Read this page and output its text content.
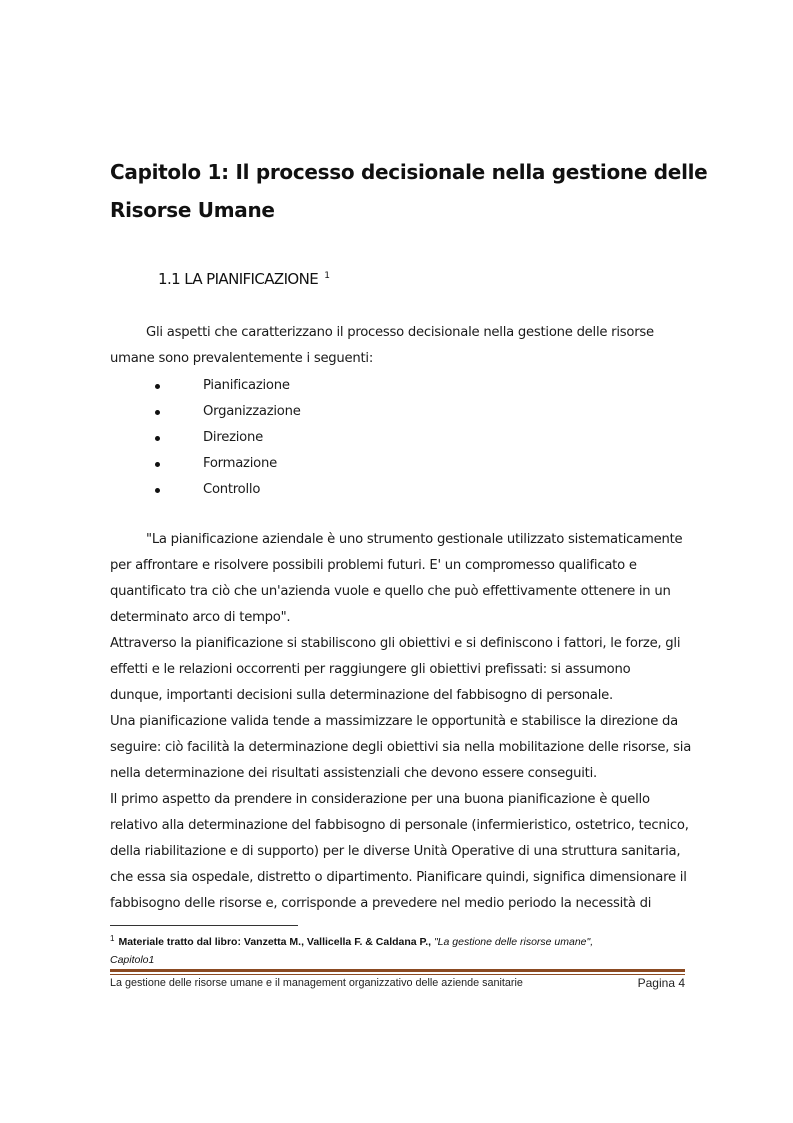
Capitolo 1: Il processo decisionale nella gestione delle
Risorse Umane
1.1 LA PIANIFICAZIONE $^1$
Gli aspetti che caratterizzano il processo decisionale nella gestione delle risorse
umane sono prevalentemente i seguenti:
Pianificazione
Organizzazione
Direzione
Formazione
Controllo
"La pianificazione aziendale è uno strumento gestionale utilizzato sistematicamente
per affrontare e risolvere possibili problemi futuri. E' un compromesso qualificato e
quantificato tra ciò che un'azienda vuole e quello che può effettivamente ottenere in un
determinato arco di tempo".
Attraverso la pianificazione si stabiliscono gli obiettivi e si definiscono i fattori, le forze, gli
effetti e le relazioni occorrenti per raggiungere gli obiettivi prefissati: si assumono
dunque, importanti decisioni sulla determinazione del fabbisogno di personale.
Una pianificazione valida tende a massimizzare le opportunità e stabilisce la direzione da
seguire: ciò facilità la determinazione degli obiettivi sia nella mobilitazione delle risorse, sia
nella determinazione dei risultati assistenziali che devono essere conseguiti.
Il primo aspetto da prendere in considerazione per una buona pianificazione è quello
relativo alla determinazione del fabbisogno di personale (infermieristico, ostetrico, tecnico,
della riabilitazione e di supporto) per le diverse Unità Operative di una struttura sanitaria,
che essa sia ospedale, distretto o dipartimento. Pianificare quindi, significa dimensionare il
fabbisogno delle risorse e, corrisponde a prevedere nel medio periodo la necessità di
$^1$ Materiale tratto dal libro: Vanzetta M., Vallicella F. & Caldana P., "La gestione delle risorse umane",
Capitolo1
La gestione delle risorse umane e il management organizzativo delle aziende sanitarie	Pagina 4
